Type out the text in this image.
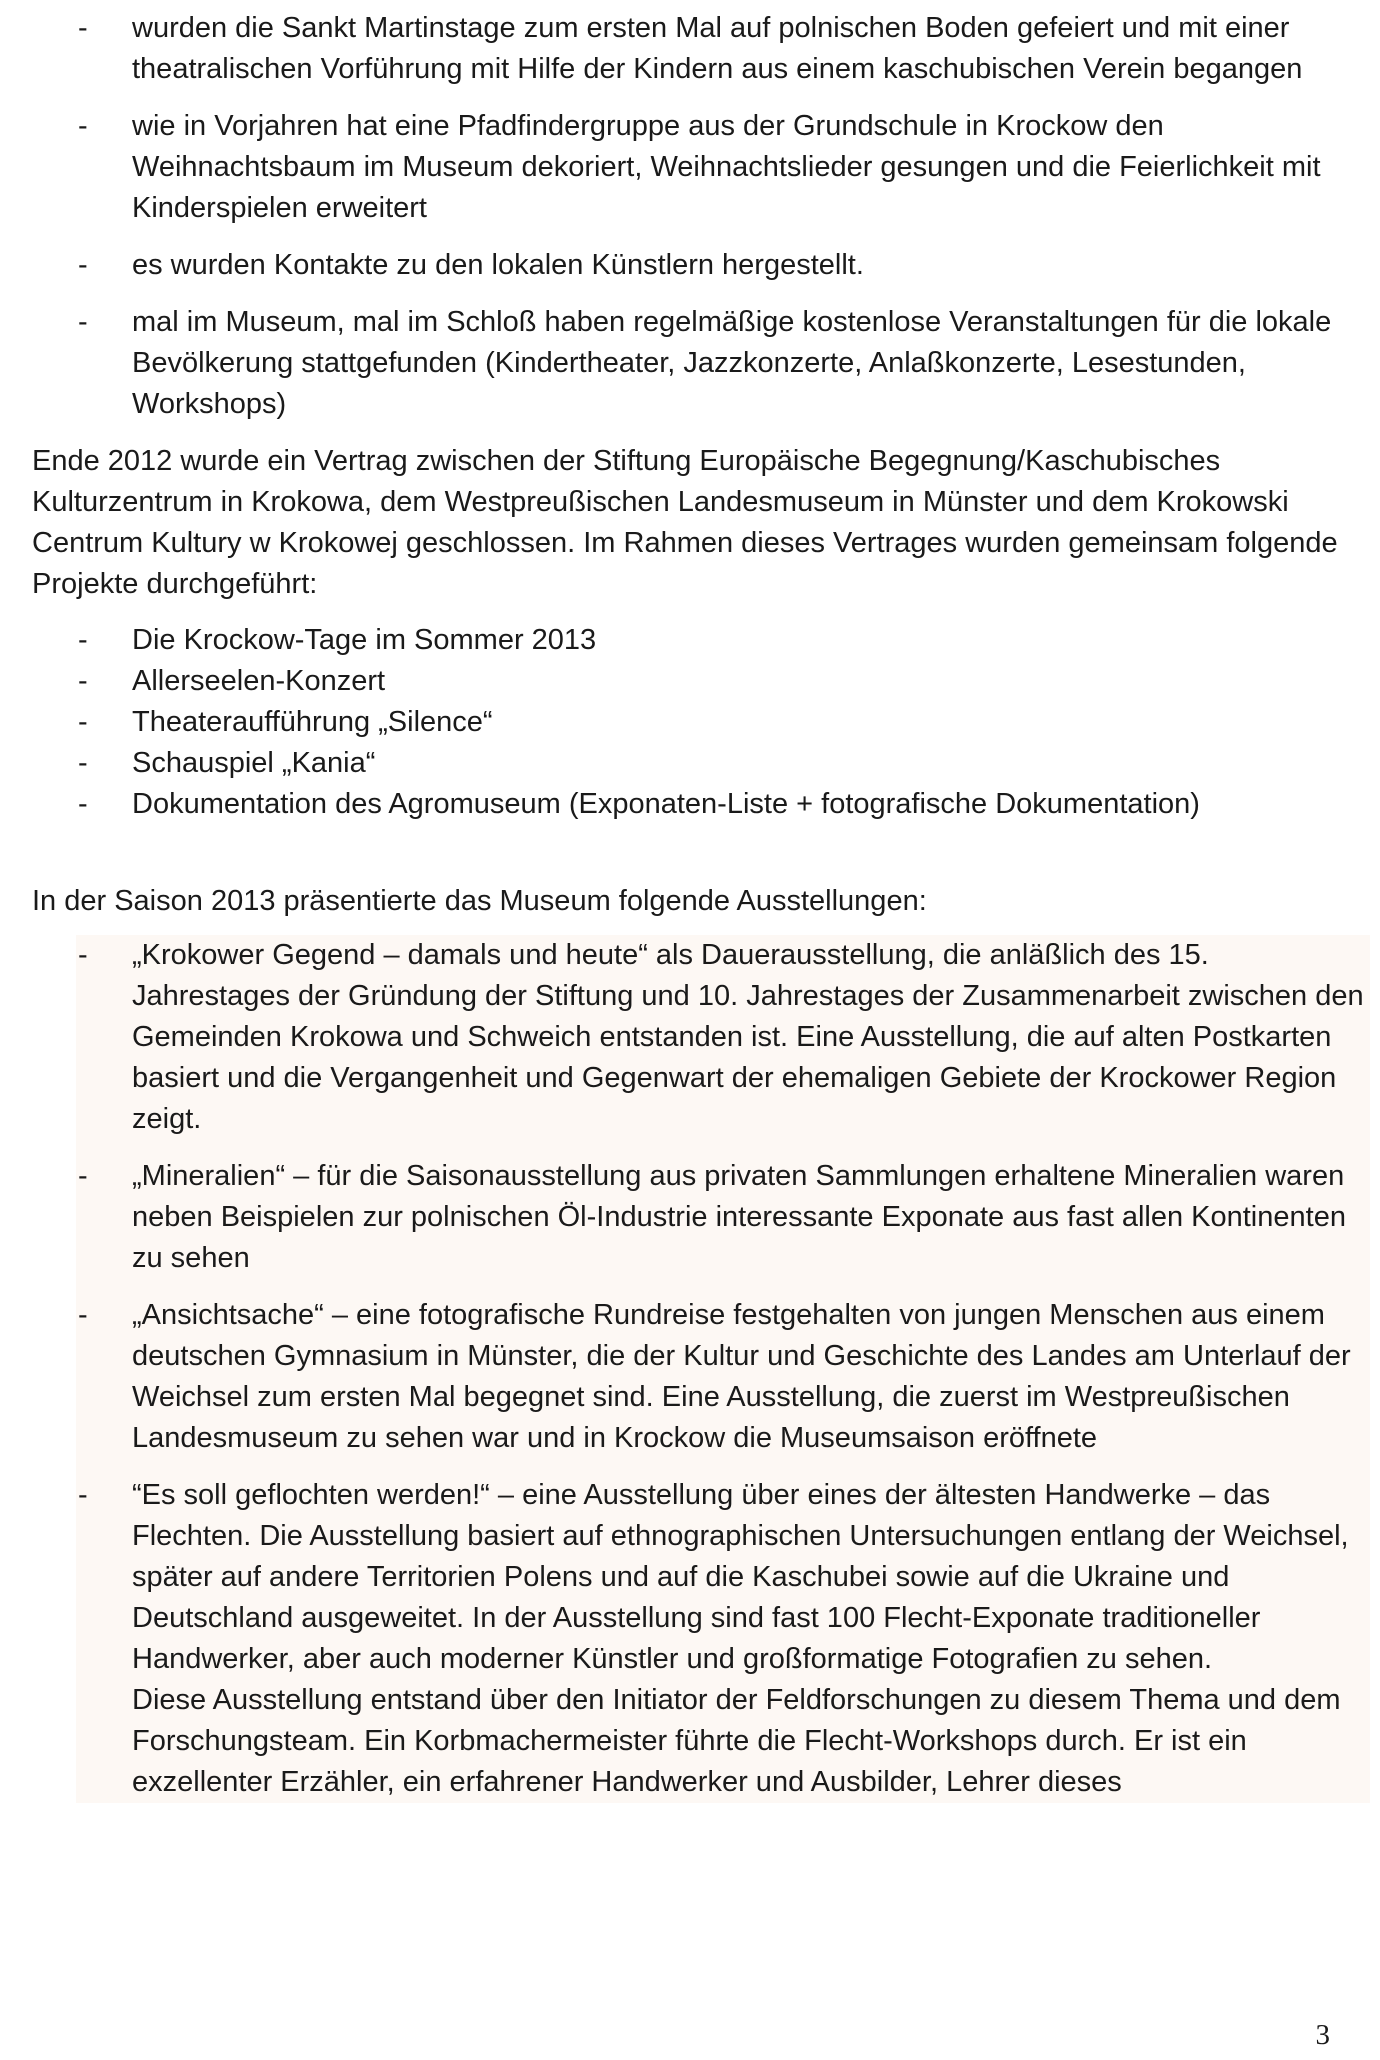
- wurden die Sankt Martinstage zum ersten Mal auf polnischen Boden gefeiert und mit einer theatralischen Vorführung mit Hilfe der Kindern aus einem kaschubischen Verein begangen
- wie in Vorjahren hat eine Pfadfindergruppe aus der Grundschule in Krockow den Weihnachtsbaum im Museum dekoriert, Weihnachtslieder gesungen und die Feierlichkeit mit Kinderspielen erweitert
- es wurden Kontakte zu den lokalen Künstlern hergestellt.
- mal im Museum, mal im Schloß haben regelmäßige kostenlose Veranstaltungen für die lokale Bevölkerung stattgefunden (Kindertheater, Jazzkonzerte, Anlaßkonzerte, Lesestunden, Workshops)

Ende 2012 wurde ein Vertrag zwischen der Stiftung Europäische Begegnung/Kaschubisches Kulturzentrum in Krokowa, dem Westpreußischen Landesmuseum in Münster und dem Krokowski Centrum Kultury w Krokowej geschlossen. Im Rahmen dieses Vertrages wurden gemeinsam folgende Projekte durchgeführt:

- Die Krockow-Tage im Sommer 2013
- Allerseelen-Konzert
- Theateraufführung „Silence“
- Schauspiel „Kania“
- Dokumentation des Agromuseum (Exponaten-Liste + fotografische Dokumentation)

In der Saison 2013 präsentierte das Museum folgende Ausstellungen:

- „Krokower Gegend – damals und heute“ als Dauerausstellung, die anläßlich des 15. Jahrestages der Gründung der Stiftung und 10. Jahrestages der Zusammenarbeit zwischen den Gemeinden Krokowa und Schweich entstanden ist. Eine Ausstellung, die auf alten Postkarten basiert und die Vergangenheit und Gegenwart der ehemaligen Gebiete der Krockower Region zeigt.
- „Mineralien“ – für die Saisonausstellung aus privaten Sammlungen erhaltene Mineralien waren neben Beispielen zur polnischen Öl-Industrie interessante Exponate aus fast allen Kontinenten zu sehen
- „Ansichtsache“ – eine fotografische Rundreise festgehalten von jungen Menschen aus einem deutschen Gymnasium in Münster, die der Kultur und Geschichte des Landes am Unterlauf der Weichsel zum ersten Mal begegnet sind. Eine Ausstellung, die zuerst im Westpreußischen Landesmuseum zu sehen war und in Krockow die Museumsaison eröffnete
- “Es soll geflochten werden!“ – eine Ausstellung über eines der ältesten Handwerke – das Flechten. Die Ausstellung basiert auf ethnographischen Untersuchungen entlang der Weichsel, später auf andere Territorien Polens und auf die Kaschubei sowie auf die Ukraine und Deutschland ausgeweitet. In der Ausstellung sind fast 100 Flecht-Exponate traditioneller Handwerker, aber auch moderner Künstler und großformatige Fotografien zu sehen.
Diese Ausstellung entstand über den Initiator der Feldforschungen zu diesem Thema und dem Forschungsteam. Ein Korbmachermeister führte die Flecht-Workshops durch. Er ist ein exzellenter Erzähler, ein erfahrener Handwerker und Ausbilder, Lehrer dieses
3
